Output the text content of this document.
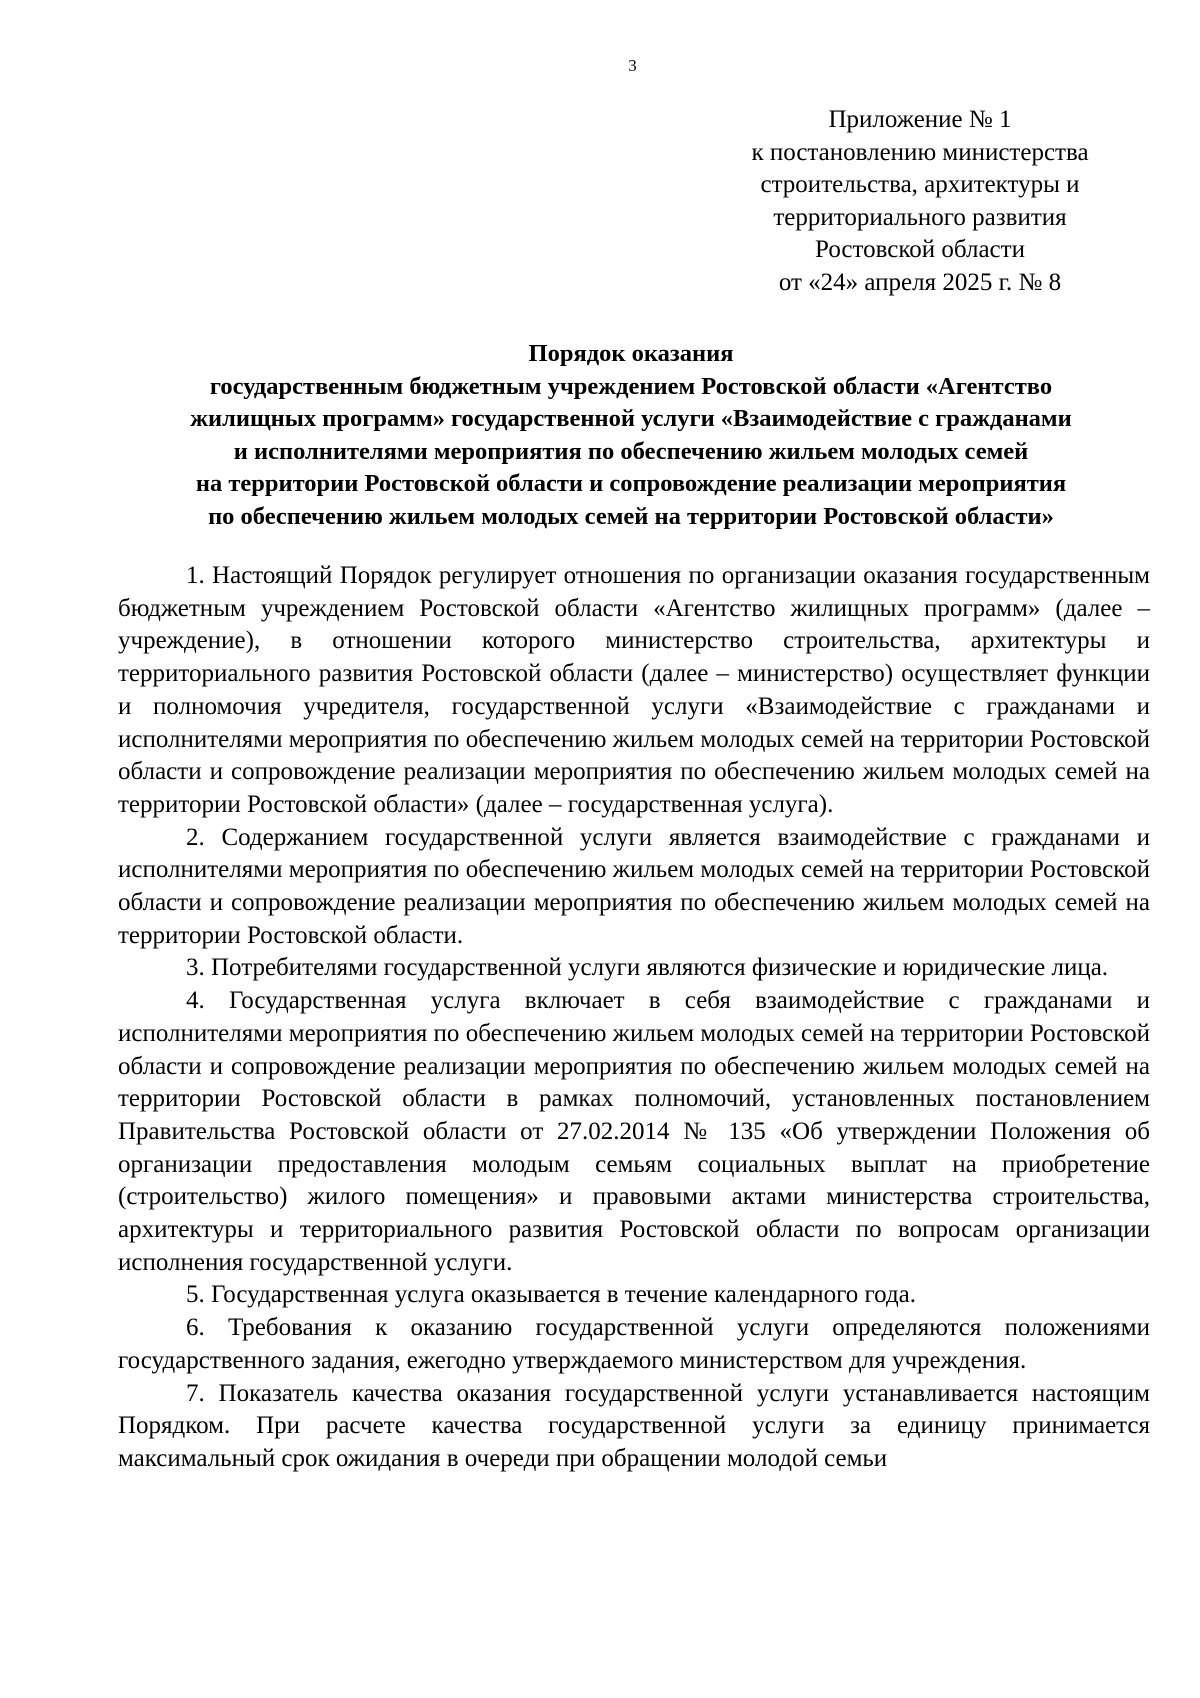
3
Приложение № 1
к постановлению министерства
строительства, архитектуры и
территориального развития
Ростовской области
от «24» апреля 2025 г. № 8
Порядок оказания
государственным бюджетным учреждением Ростовской области «Агентство
жилищных программ» государственной услуги «Взаимодействие с гражданами
и исполнителями мероприятия по обеспечению жильем молодых семей
на территории Ростовской области и сопровождение реализации мероприятия
по обеспечению жильем молодых семей на территории Ростовской области»

1. Настоящий Порядок регулирует отношения по организации оказания государственным бюджетным учреждением Ростовской области «Агентство жилищных программ» (далее – учреждение), в отношении которого министерство строительства, архитектуры и территориального развития Ростовской области (далее – министерство) осуществляет функции и полномочия учредителя, государственной услуги «Взаимодействие с гражданами и исполнителями мероприятия по обеспечению жильем молодых семей на территории Ростовской области и сопровождение реализации мероприятия по обеспечению жильем молодых семей на территории Ростовской области» (далее – государственная услуга).

2. Содержанием государственной услуги является взаимодействие с гражданами и исполнителями мероприятия по обеспечению жильем молодых семей на территории Ростовской области и сопровождение реализации мероприятия по обеспечению жильем молодых семей на территории Ростовской области.

3. Потребителями государственной услуги являются физические и юридические лица.

4. Государственная услуга включает в себя взаимодействие с гражданами и исполнителями мероприятия по обеспечению жильем молодых семей на территории Ростовской области и сопровождение реализации мероприятия по обеспечению жильем молодых семей на территории Ростовской области в рамках полномочий, установленных постановлением Правительства Ростовской области от 27.02.2014 № 135 «Об утверждении Положения об организации предоставления молодым семьям социальных выплат на приобретение (строительство) жилого помещения» и правовыми актами министерства строительства, архитектуры и территориального развития Ростовской области по вопросам организации исполнения государственной услуги.

5. Государственная услуга оказывается в течение календарного года.

6. Требования к оказанию государственной услуги определяются положениями государственного задания, ежегодно утверждаемого министерством для учреждения.

7. Показатель качества оказания государственной услуги устанавливается настоящим Порядком. При расчете качества государственной услуги за единицу принимается максимальный срок ожидания в очереди при обращении молодой семьи
